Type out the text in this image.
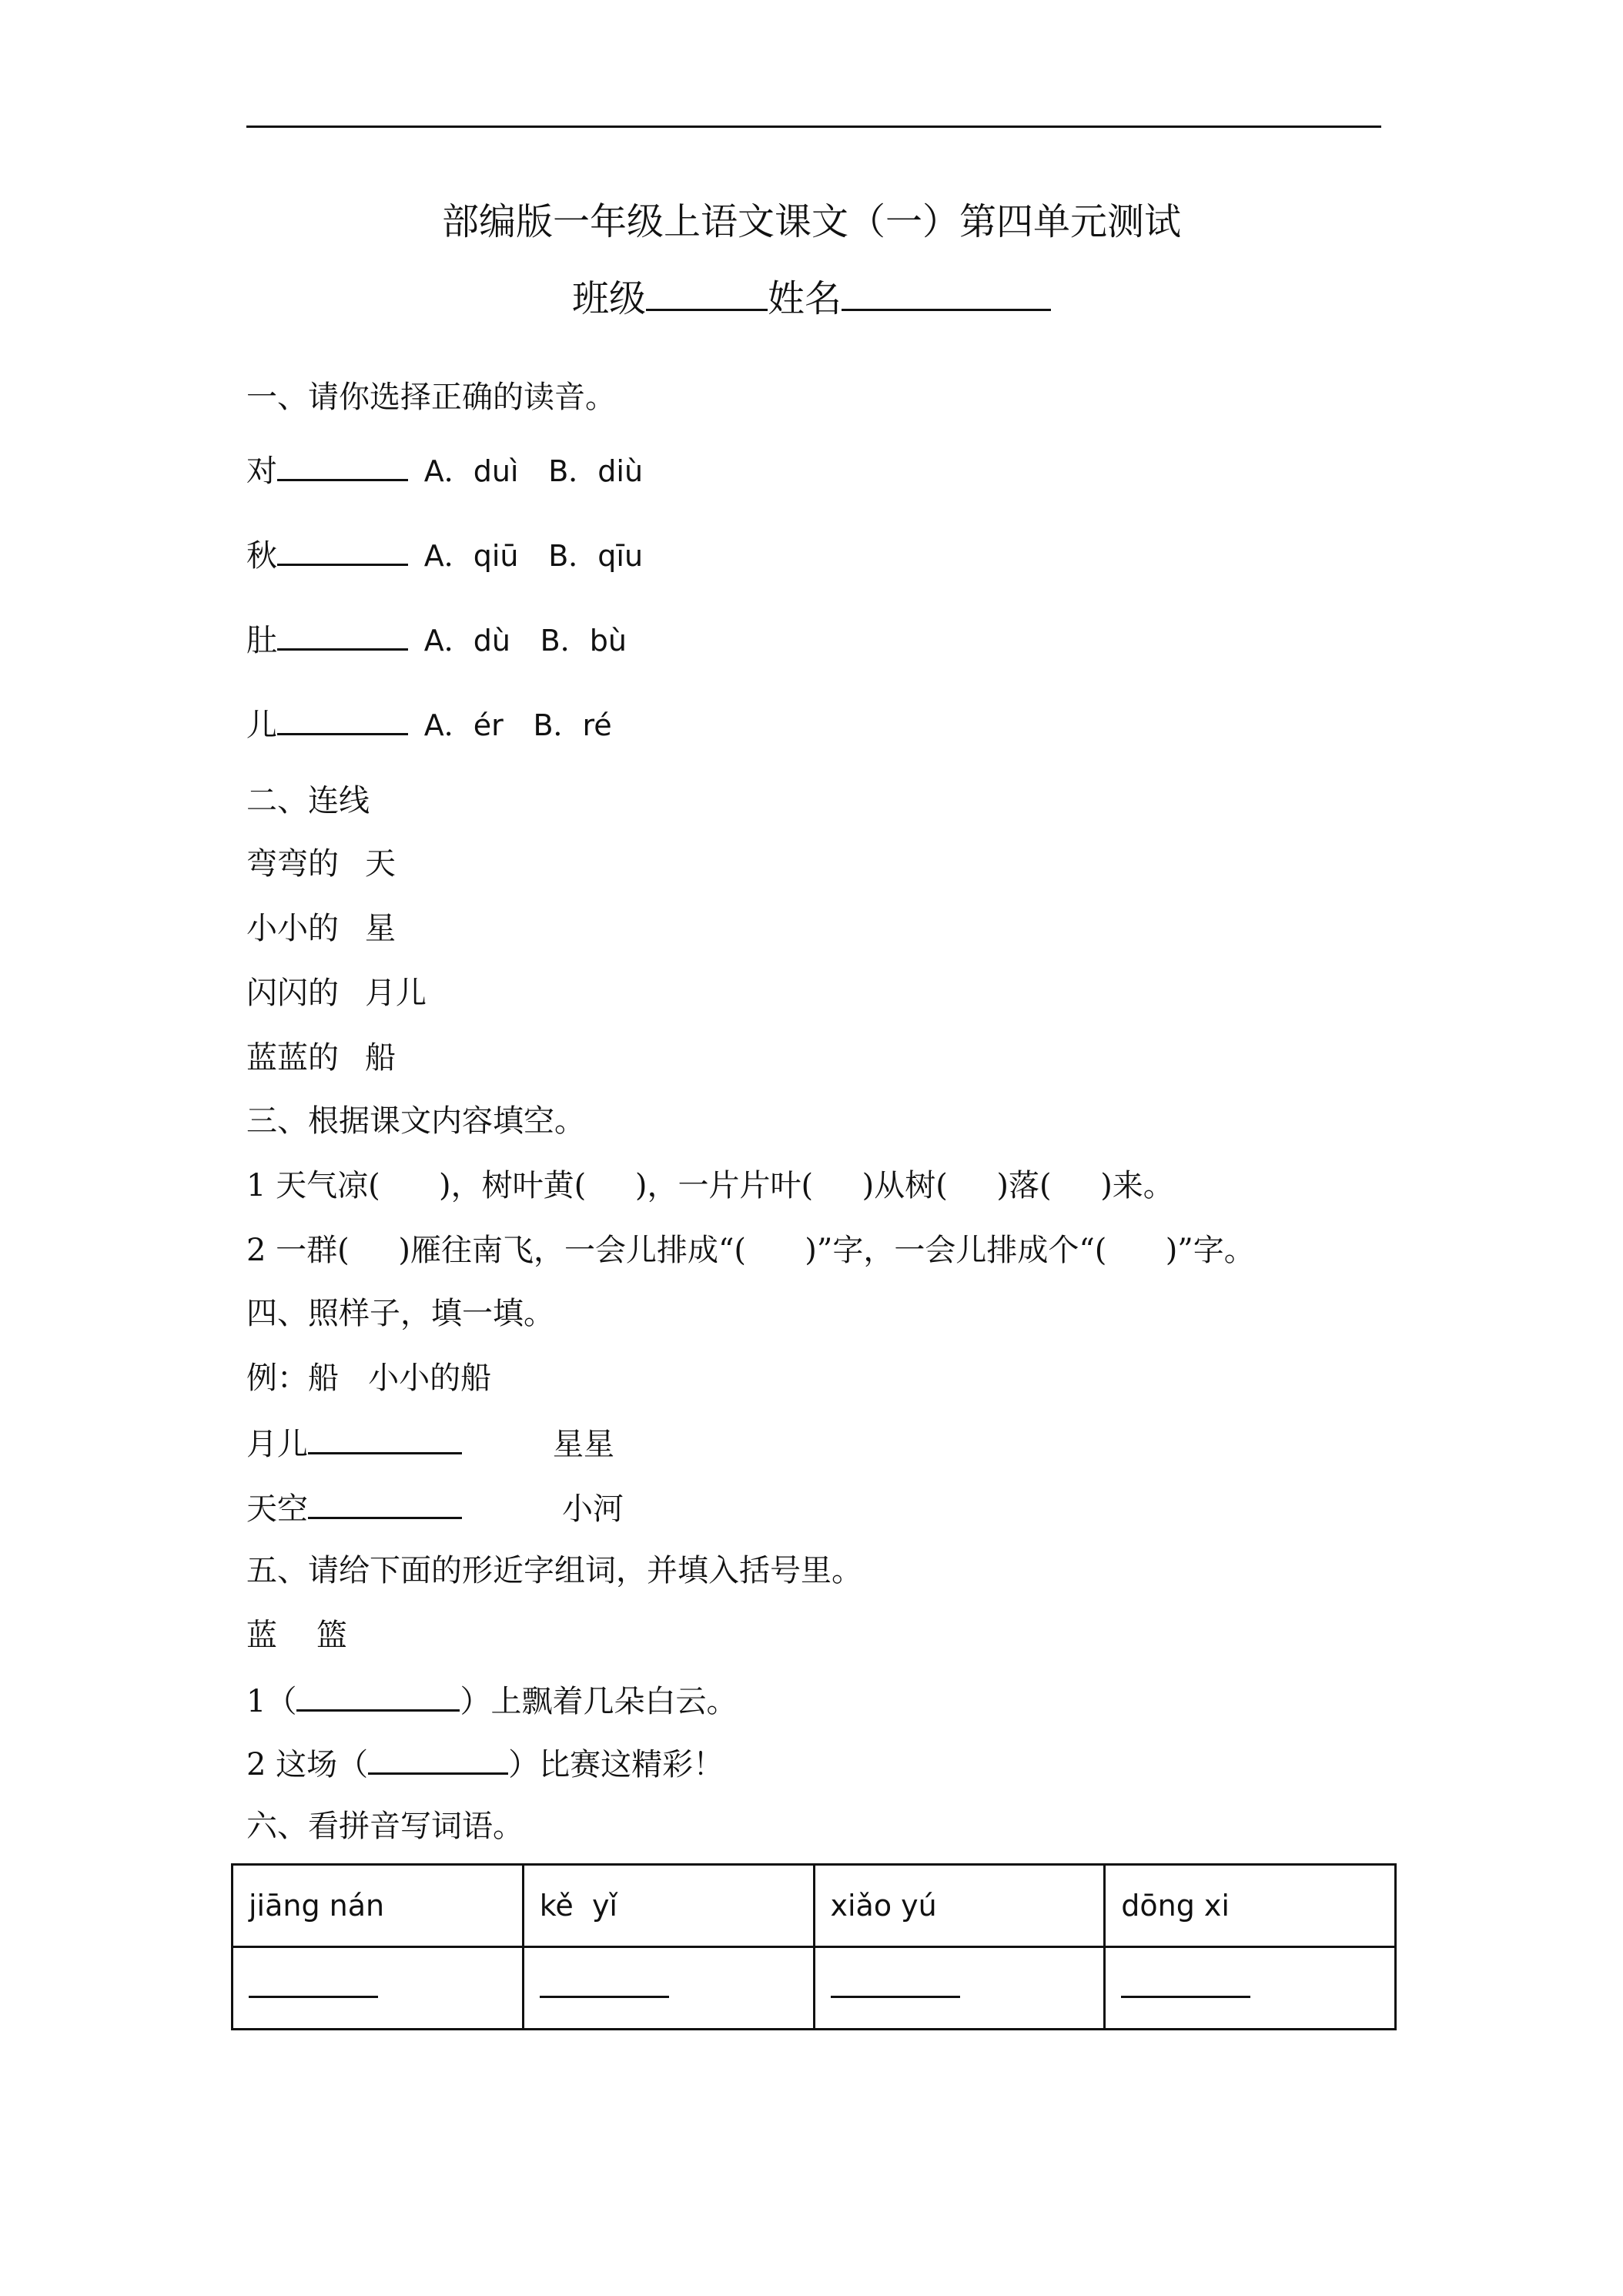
部编版一年级上语文课文（一）第四单元测试
班级	姓名
一、请你选择正确的读音。
对	A．duì B．diù
秋	A．qiū B．qīu
肚	A．dù B．bù
儿	A．ér B．ré
二、连线
弯弯的 天
小小的 星
闪闪的 月儿
蓝蓝的 船
三、根据课文内容填空。
1 天气凉(      )，树叶黄(     )，一片片叶(     )从树(     )落(     )来。
2 一群(     )雁往南飞，一会儿排成“(      )”字，一会儿排成个“(      )”字。
四、照样子，填一填。
例：船   小小的船
月儿	星星
天空	小河
五、请给下面的形近字组词，并填入括号里。
蓝    篮
1（	）上飘着几朵白云。
2 这场（	）比赛这精彩！
六、看拼音写词语。
jiāng nán	kě  yǐ	xiǎo yú	dōng xi
